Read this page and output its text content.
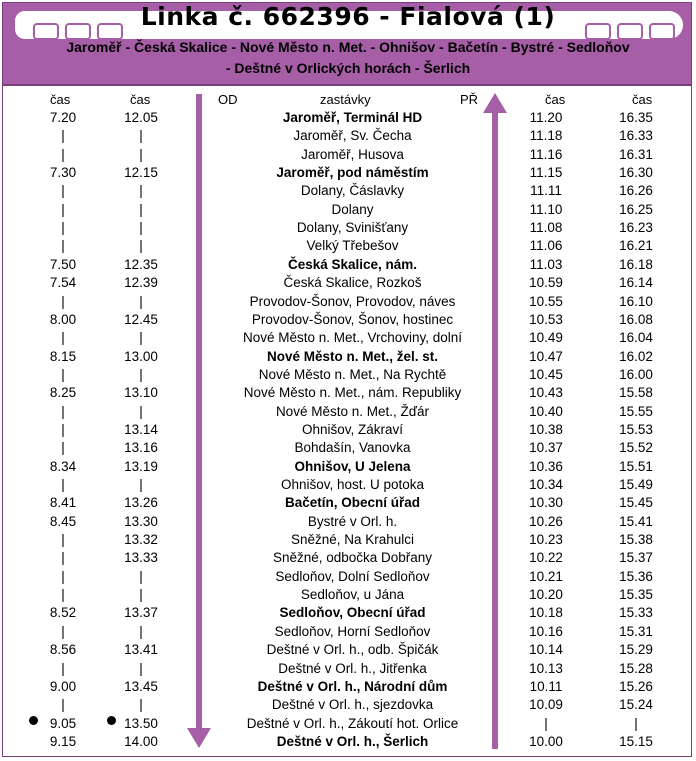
Linka č. 662396 - Fialová (1)
Jaroměř - Česká Skalice - Nové Město n. Met. - Ohnišov - Bačetín - Bystré - Sedloňov
- Deštné v Orlických horách - Šerlich
čas	čas	OD	zastávky	PŘ	čas	čas
7.20	12.05	Jaroměř, Terminál HD	11.20	16.35
|	|	Jaroměř, Sv. Čecha	11.18	16.33
|	|	Jaroměř, Husova	11.16	16.31
7.30	12.15	Jaroměř, pod náměstím	11.15	16.30
|	|	Dolany, Čáslavky	11.11	16.26
|	|	Dolany	11.10	16.25
|	|	Dolany, Svinišťany	11.08	16.23
|	|	Velký Třebešov	11.06	16.21
7.50	12.35	Česká Skalice, nám.	11.03	16.18
7.54	12.39	Česká Skalice, Rozkoš	10.59	16.14
|	|	Provodov-Šonov, Provodov, náves	10.55	16.10
8.00	12.45	Provodov-Šonov, Šonov, hostinec	10.53	16.08
|	|	Nové Město n. Met., Vrchoviny, dolní	10.49	16.04
8.15	13.00	Nové Město n. Met., žel. st.	10.47	16.02
|	|	Nové Město n. Met., Na Rychtě	10.45	16.00
8.25	13.10	Nové Město n. Met., nám. Republiky	10.43	15.58
|	|	Nové Město n. Met., Žďár	10.40	15.55
|	13.14	Ohnišov, Zákraví	10.38	15.53
|	13.16	Bohdašín, Vanovka	10.37	15.52
8.34	13.19	Ohnišov, U Jelena	10.36	15.51
|	|	Ohnišov, host. U potoka	10.34	15.49
8.41	13.26	Bačetín, Obecní úřad	10.30	15.45
8.45	13.30	Bystré v Orl. h.	10.26	15.41
|	13.32	Sněžné, Na Krahulci	10.23	15.38
|	13.33	Sněžné, odbočka Dobřany	10.22	15.37
|	|	Sedloňov, Dolní Sedloňov	10.21	15.36
|	|	Sedloňov, u Jána	10.20	15.35
8.52	13.37	Sedloňov, Obecní úřad	10.18	15.33
|	|	Sedloňov, Horní Sedloňov	10.16	15.31
8.56	13.41	Deštné v Orl. h., odb. Špičák	10.14	15.29
|	|	Deštné v Orl. h., Jitřenka	10.13	15.28
9.00	13.45	Deštné v Orl. h., Národní dům	10.11	15.26
|	|	Deštné v Orl. h., sjezdovka	10.09	15.24
9.05	13.50	Deštné v Orl. h., Zákoutí hot. Orlice	|	|
9.15	14.00	Deštné v Orl. h., Šerlich	10.00	15.15
